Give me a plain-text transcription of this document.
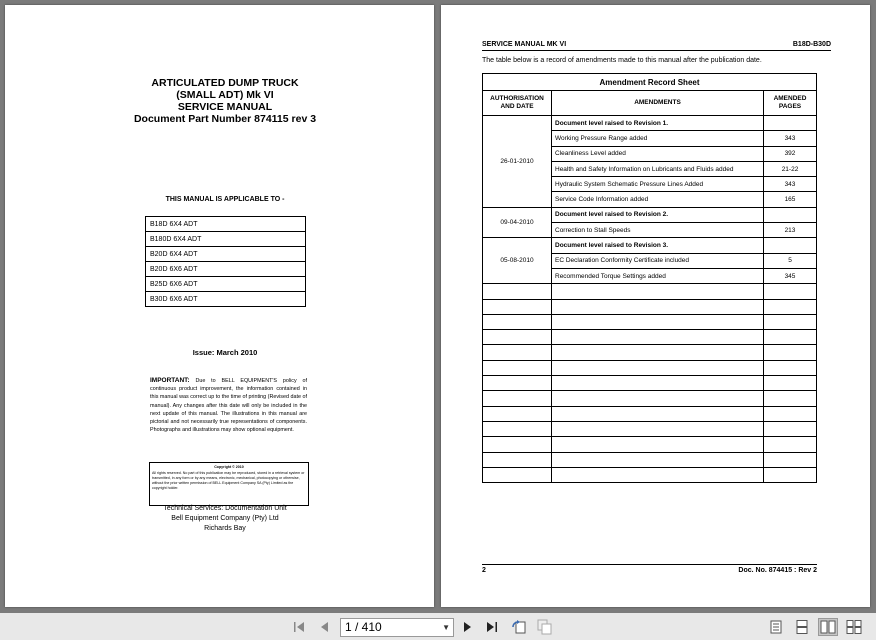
ARTICULATED DUMP TRUCK
(SMALL ADT) Mk VI
SERVICE MANUAL
Document Part Number 874115 rev 3
THIS MANUAL IS APPLICABLE TO -
B18D 6X4 ADT
B180D 6X4 ADT
B20D 6X4 ADT
B20D 6X6 ADT
B25D 6X6 ADT
B30D 6X6 ADT
Issue: March 2010
IMPORTANT: Due to BELL EQUIPMENT'S policy of continuous product improvement, the information contained in this manual was correct up to the time of printing (Revised date of manual). Any changes after this date will only be included in the next update of this manual. The illustrations in this manual are pictorial and not necessarily true representations of components. Photographs and illustrations may show optional equipment.
Copyright © 2010
All rights reserved. No part of this publication may be reproduced, stored in a retrieval system or transmitted, in any form or by any means, electronic, mechanical, photocopying or otherwise, without the prior written permission of BELL Equipment Company SA (Pty) Limited as the copyright holder.
Technical Services: Documentation Unit
Bell Equipment Company (Pty) Ltd
Richards Bay
SERVICE MANUAL MK VI	B18D-B30D
The table below is a record of amendments made to this manual after the publication date.
Amendment Record Sheet		
AUTHORISATION AND DATE	AMENDMENTS	AMENDED PAGES
26-01-2010	Document level raised to Revision 1.	
	Working Pressure Range added	343
	Cleanliness Level added	392
	Health and Safety Information on Lubricants and Fluids added	21-22
	Hydraulic System Schematic Pressure Lines Added	343
	Service Code Information added	165
09-04-2010	Document level raised to Revision 2.	
	Correction to Stall Speeds	213
05-08-2010	Document level raised to Revision 3.	
	EC Declaration Conformity Certificate included	5
	Recommended Torque Settings added	345

2	Doc. No. 874415 : Rev 2
1 / 410	▼
